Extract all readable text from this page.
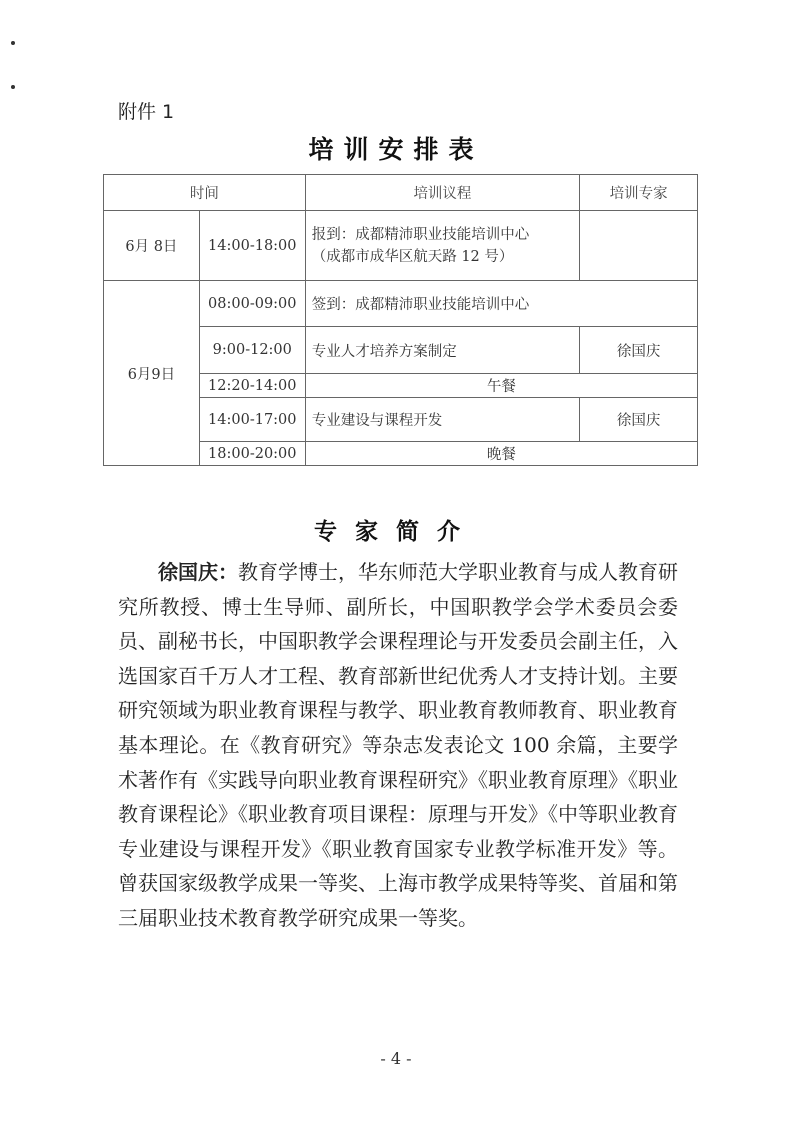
附件 1
培训安排表
时间		培训议程	培训专家
6月 8日	14:00-18:00	报到：成都精沛职业技能培训中心
（成都市成华区航天路 12 号）	

6月9日	08:00-09:00	签到：成都精沛职业技能培训中心	
	9:00-12:00	专业人才培养方案制定	徐国庆
	12:20-14:00	午餐	
	14:00-17:00	专业建设与课程开发	徐国庆
	18:00-20:00	晚餐	
专家简介

徐国庆：教育学博士，华东师范大学职业教育与成人教育研究所教授、博士生导师、副所长，中国职教学会学术委员会委员、副秘书长，中国职教学会课程理论与开发委员会副主任，入选国家百千万人才工程、教育部新世纪优秀人才支持计划。主要研究领域为职业教育课程与教学、职业教育教师教育、职业教育基本理论。在《教育研究》等杂志发表论文 100 余篇，主要学术著作有《实践导向职业教育课程研究》《职业教育原理》《职业教育课程论》《职业教育项目课程：原理与开发》《中等职业教育专业建设与课程开发》《职业教育国家专业教学标准开发》等。曾获国家级教学成果一等奖、上海市教学成果特等奖、首届和第三届职业技术教育教学研究成果一等奖。

- 4 -
